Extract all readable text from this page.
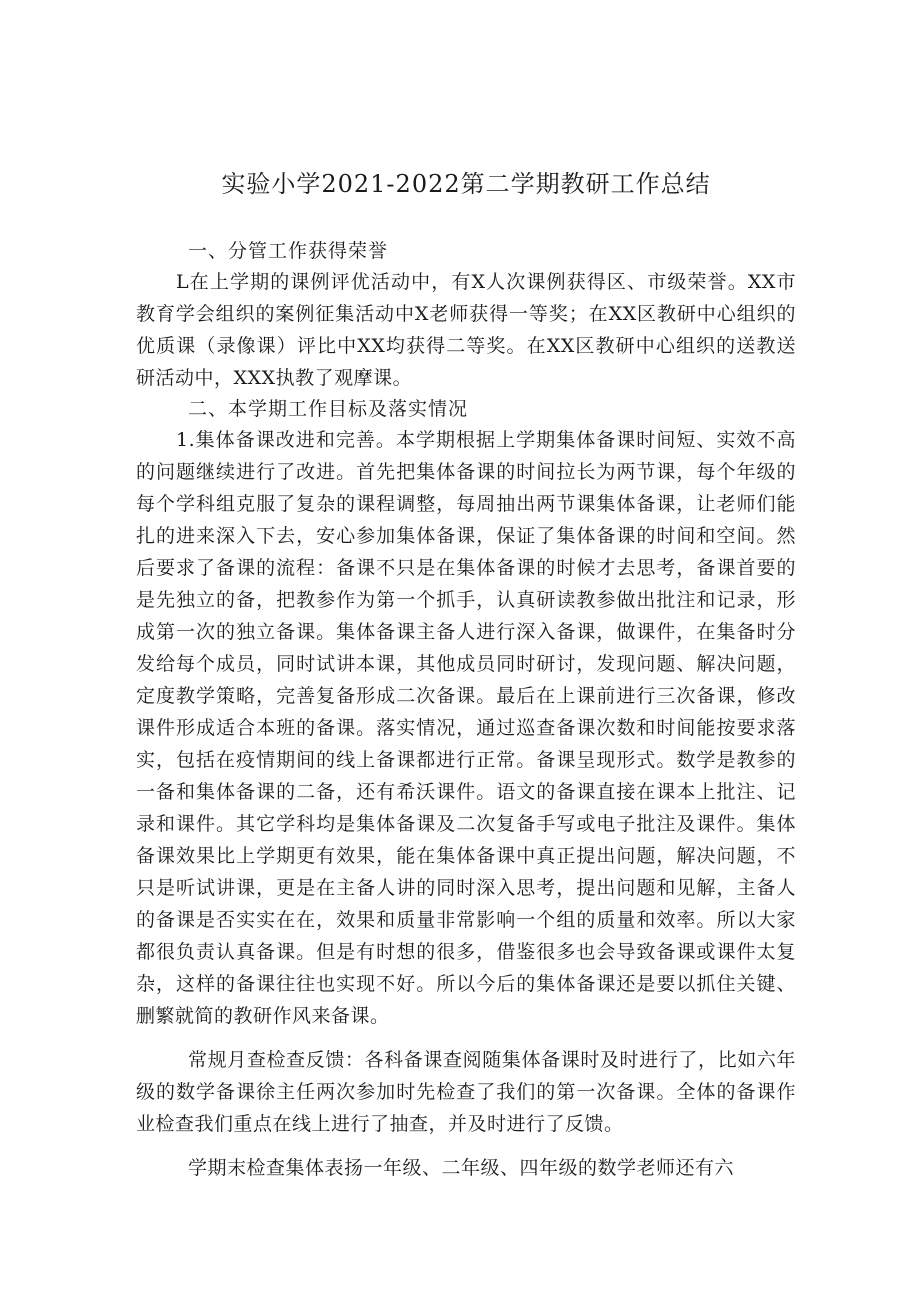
实验小学2021-2022第二学期教研工作总结

一、分管工作获得荣誉

L在上学期的课例评优活动中，有X人次课例获得区、市级荣誉。XX市教育学会组织的案例征集活动中X老师获得一等奖；在XX区教研中心组织的优质课（录像课）评比中XX均获得二等奖。在XX区教研中心组织的送教送研活动中，XXX执教了观摩课。

二、本学期工作目标及落实情况

1.集体备课改进和完善。本学期根据上学期集体备课时间短、实效不高的问题继续进行了改进。首先把集体备课的时间拉长为两节课，每个年级的每个学科组克服了复杂的课程调整，每周抽出两节课集体备课，让老师们能扎的进来深入下去，安心参加集体备课，保证了集体备课的时间和空间。然后要求了备课的流程：备课不只是在集体备课的时候才去思考，备课首要的是先独立的备，把教参作为第一个抓手，认真研读教参做出批注和记录，形成第一次的独立备课。集体备课主备人进行深入备课，做课件，在集备时分发给每个成员，同时试讲本课，其他成员同时研讨，发现问题、解决问题，定度教学策略，完善复备形成二次备课。最后在上课前进行三次备课，修改课件形成适合本班的备课。落实情况，通过巡查备课次数和时间能按要求落实，包括在疫情期间的线上备课都进行正常。备课呈现形式。数学是教参的一备和集体备课的二备，还有希沃课件。语文的备课直接在课本上批注、记录和课件。其它学科均是集体备课及二次复备手写或电子批注及课件。集体备课效果比上学期更有效果，能在集体备课中真正提出问题，解决问题，不只是听试讲课，更是在主备人讲的同时深入思考，提出问题和见解，主备人的备课是否实实在在，效果和质量非常影响一个组的质量和效率。所以大家都很负责认真备课。但是有时想的很多，借鉴很多也会导致备课或课件太复杂，这样的备课往往也实现不好。所以今后的集体备课还是要以抓住关键、删繁就简的教研作风来备课。

常规月查检查反馈：各科备课查阅随集体备课时及时进行了，比如六年级的数学备课徐主任两次参加时先检查了我们的第一次备课。全体的备课作业检查我们重点在线上进行了抽查，并及时进行了反馈。

学期末检查集体表扬一年级、二年级、四年级的数学老师还有六
